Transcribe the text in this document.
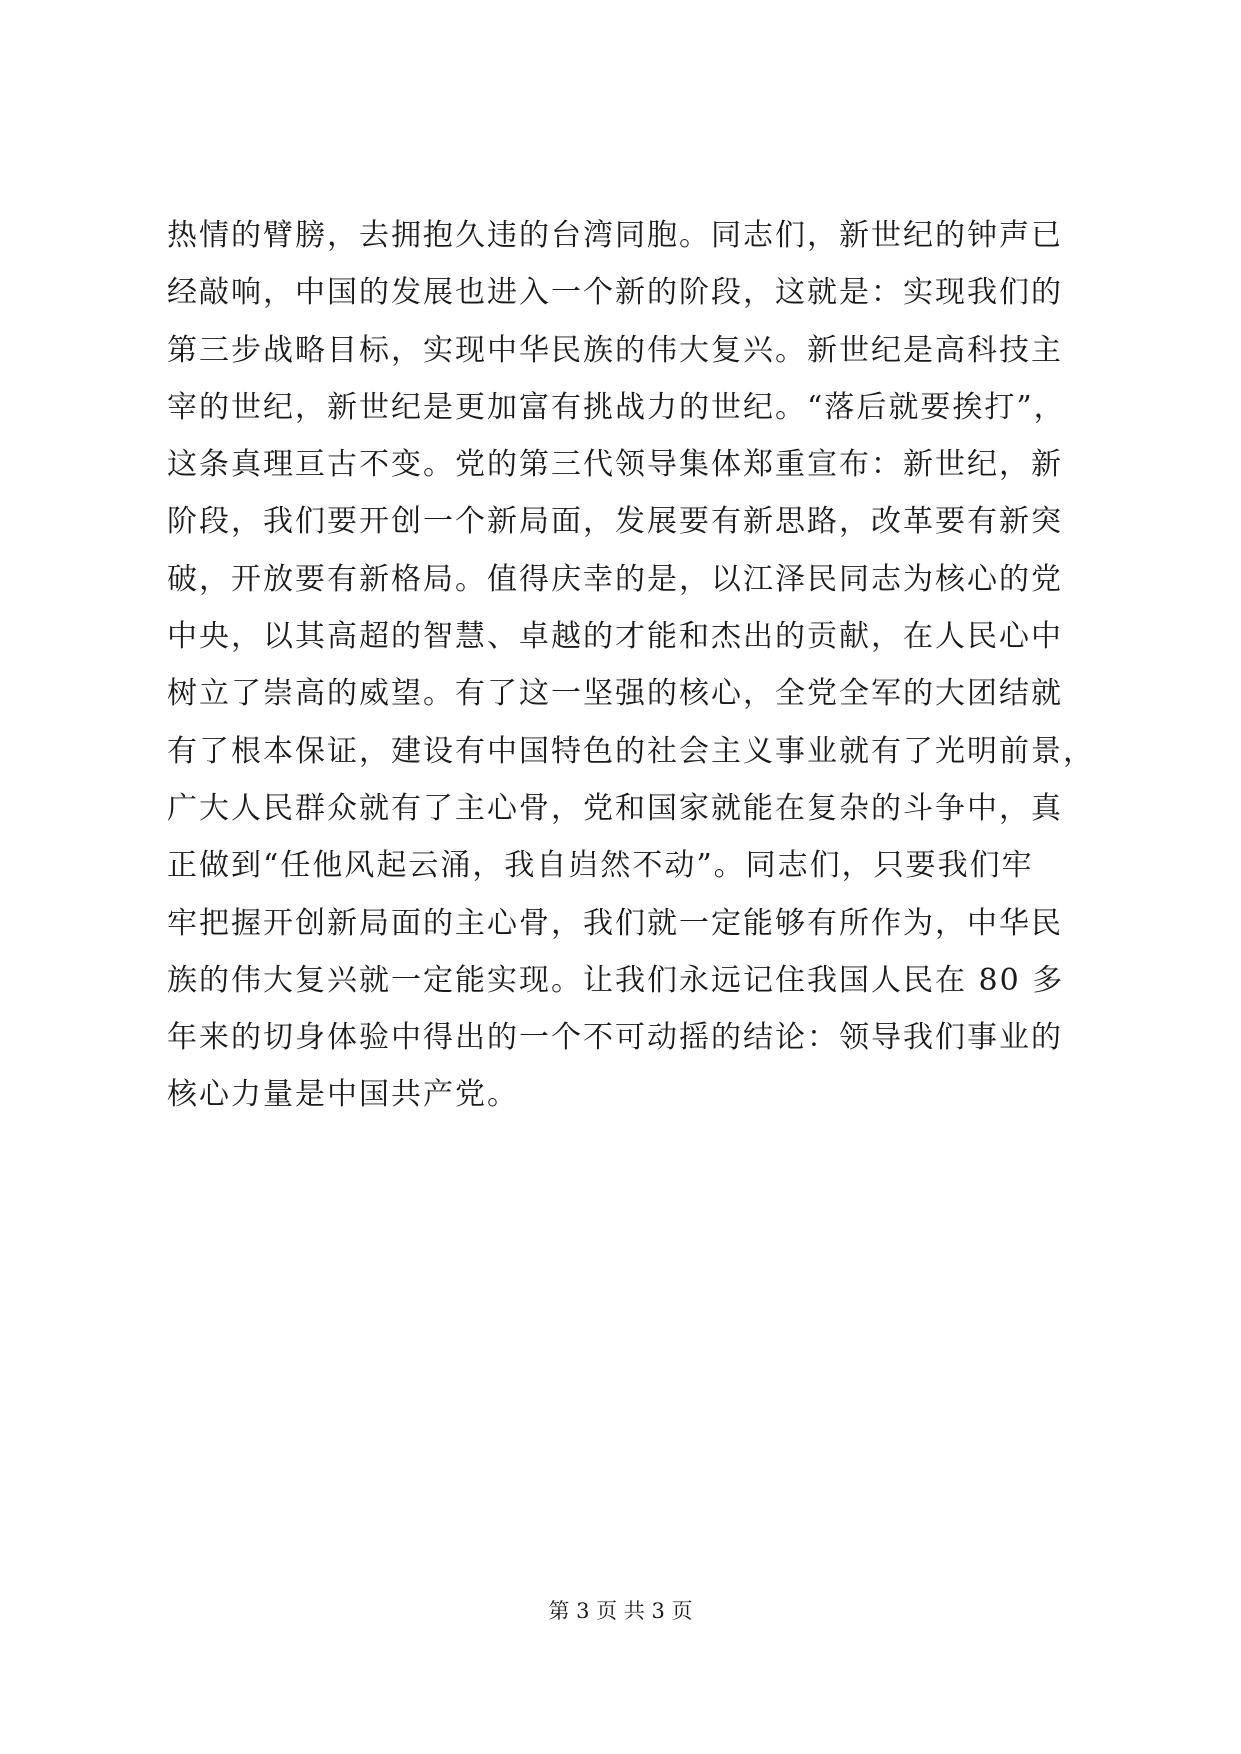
热情的臂膀，去拥抱久违的台湾同胞。同志们，新世纪的钟声已
经敲响，中国的发展也进入一个新的阶段，这就是：实现我们的
第三步战略目标，实现中华民族的伟大复兴。新世纪是高科技主
宰的世纪，新世纪是更加富有挑战力的世纪。“落后就要挨打”，
这条真理亘古不变。党的第三代领导集体郑重宣布：新世纪，新
阶段，我们要开创一个新局面，发展要有新思路，改革要有新突
破，开放要有新格局。值得庆幸的是，以江泽民同志为核心的党
中央，以其高超的智慧、卓越的才能和杰出的贡献，在人民心中
树立了崇高的威望。有了这一坚强的核心，全党全军的大团结就
有了根本保证，建设有中国特色的社会主义事业就有了光明前景，
广大人民群众就有了主心骨，党和国家就能在复杂的斗争中，真
正做到“任他风起云涌，我自岿然不动”。同志们，只要我们牢
牢把握开创新局面的主心骨，我们就一定能够有所作为，中华民
族的伟大复兴就一定能实现。让我们永远记住我国人民在 80 多
年来的切身体验中得出的一个不可动摇的结论：领导我们事业的
核心力量是中国共产党。
第 3 页 共 3 页
